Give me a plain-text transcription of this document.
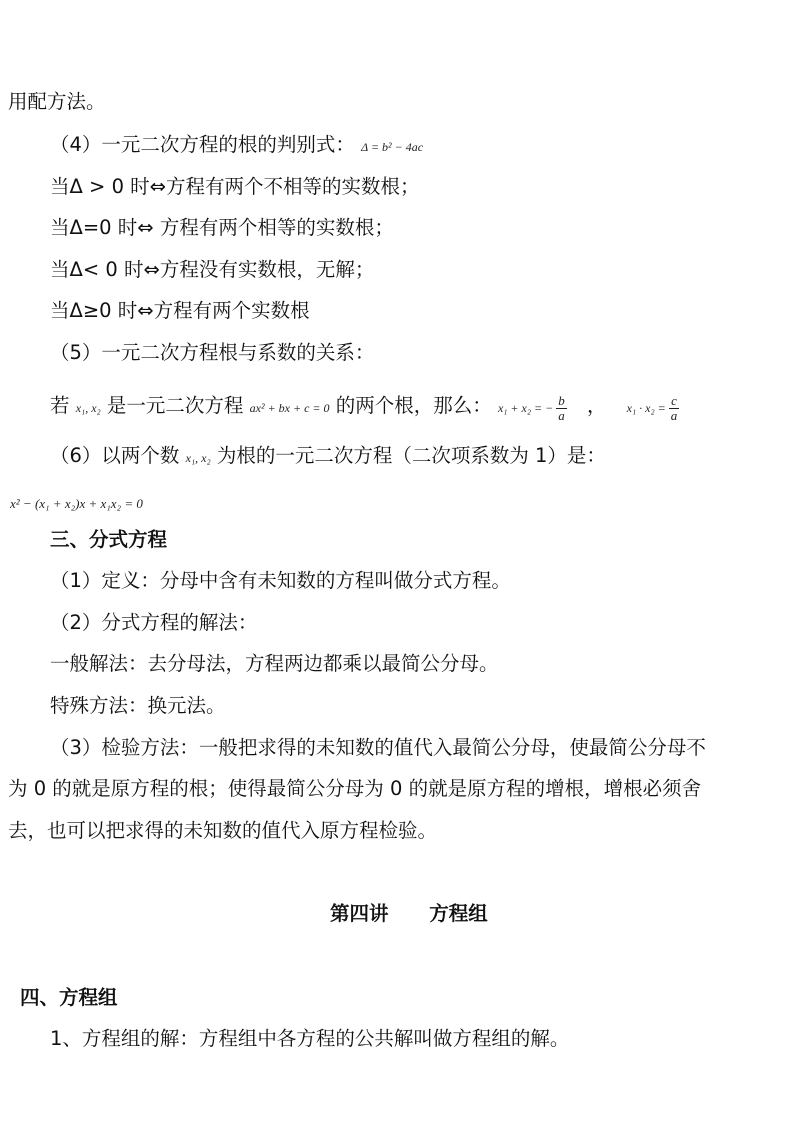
用配方法。
（4）一元二次方程的根的判别式： Δ = b² − 4ac
当Δ > 0 时⇔方程有两个不相等的实数根；
当Δ=0 时⇔ 方程有两个相等的实数根；
当Δ< 0 时⇔方程没有实数根，无解；
当Δ≥0 时⇔方程有两个实数根
（5）一元二次方程根与系数的关系：
若 x₁, x₂ 是一元二次方程 ax² + bx + c = 0 的两个根，那么： x₁ + x₂ = − $\frac{b}{a}$ ， $x_1 \cdot x_2 = \frac{c}{a}$
（6）以两个数 x₁, x₂ 为根的一元二次方程（二次项系数为 1）是：
x² − (x₁ + x₂)x + x₁x₂ = 0
三、分式方程
（1）定义：分母中含有未知数的方程叫做分式方程。
（2）分式方程的解法：
一般解法：去分母法，方程两边都乘以最简公分母。
特殊方法：换元法。
（3）检验方法：一般把求得的未知数的值代入最简公分母，使最简公分母不
为 0 的就是原方程的根；使得最简公分母为 0 的就是原方程的增根，增根必须舍
去，也可以把求得的未知数的值代入原方程检验。
第四讲      方程组
四、方程组
1、方程组的解：方程组中各方程的公共解叫做方程组的解。
